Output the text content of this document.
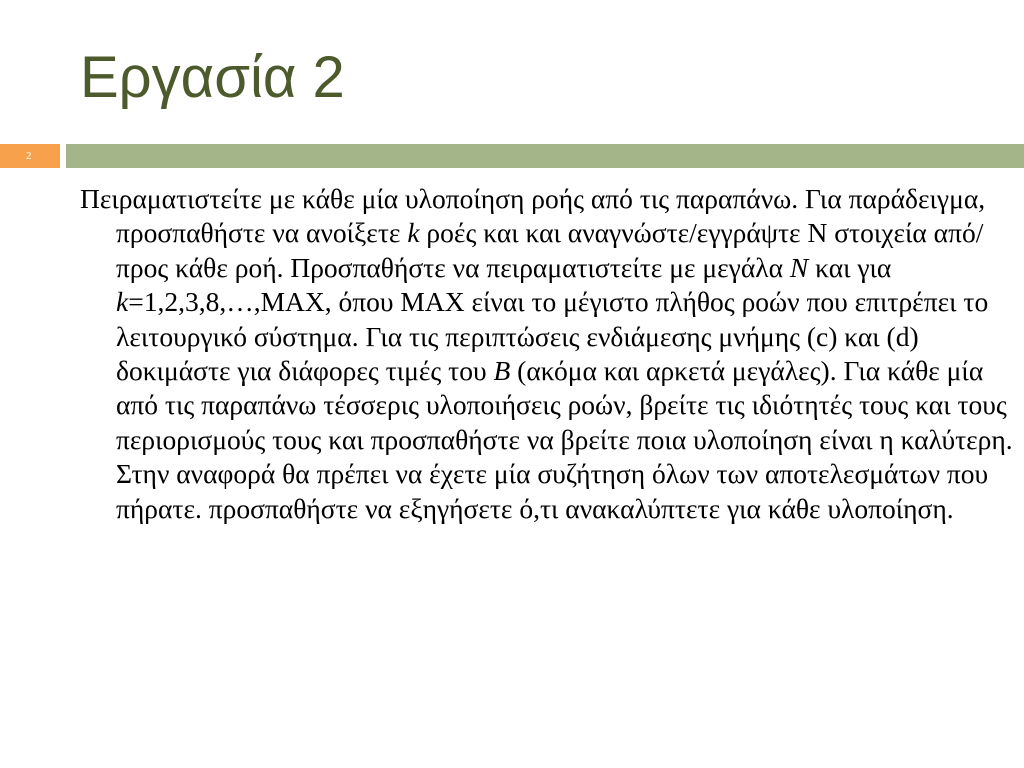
Εργασία 2
2

Πειραματιστείτε με κάθε μία υλοποίηση ροής από τις παραπάνω. Για παράδειγμα, προσπαθήστε να ανοίξετε k ροές και και αναγνώστε/εγγράψτε N στοιχεία από/προς κάθε ροή. Προσπαθήστε να πειραματιστείτε με μεγάλα N και για k=1,2,3,8,…,MAX, όπου MAX είναι το μέγιστο πλήθος ροών που επιτρέπει το λειτουργικό σύστημα. Για τις περιπτώσεις ενδιάμεσης μνήμης (c) και (d) δοκιμάστε για διάφορες τιμές του B (ακόμα και αρκετά μεγάλες). Για κάθε μία από τις παραπάνω τέσσερις υλοποιήσεις ροών, βρείτε τις ιδιότητές τους και τους περιορισμούς τους και προσπαθήστε να βρείτε ποια υλοποίηση είναι η καλύτερη. Στην αναφορά θα πρέπει να έχετε μία συζήτηση όλων των αποτελεσμάτων που πήρατε. προσπαθήστε να εξηγήσετε ό,τι ανακαλύπτετε για κάθε υλοποίηση.
